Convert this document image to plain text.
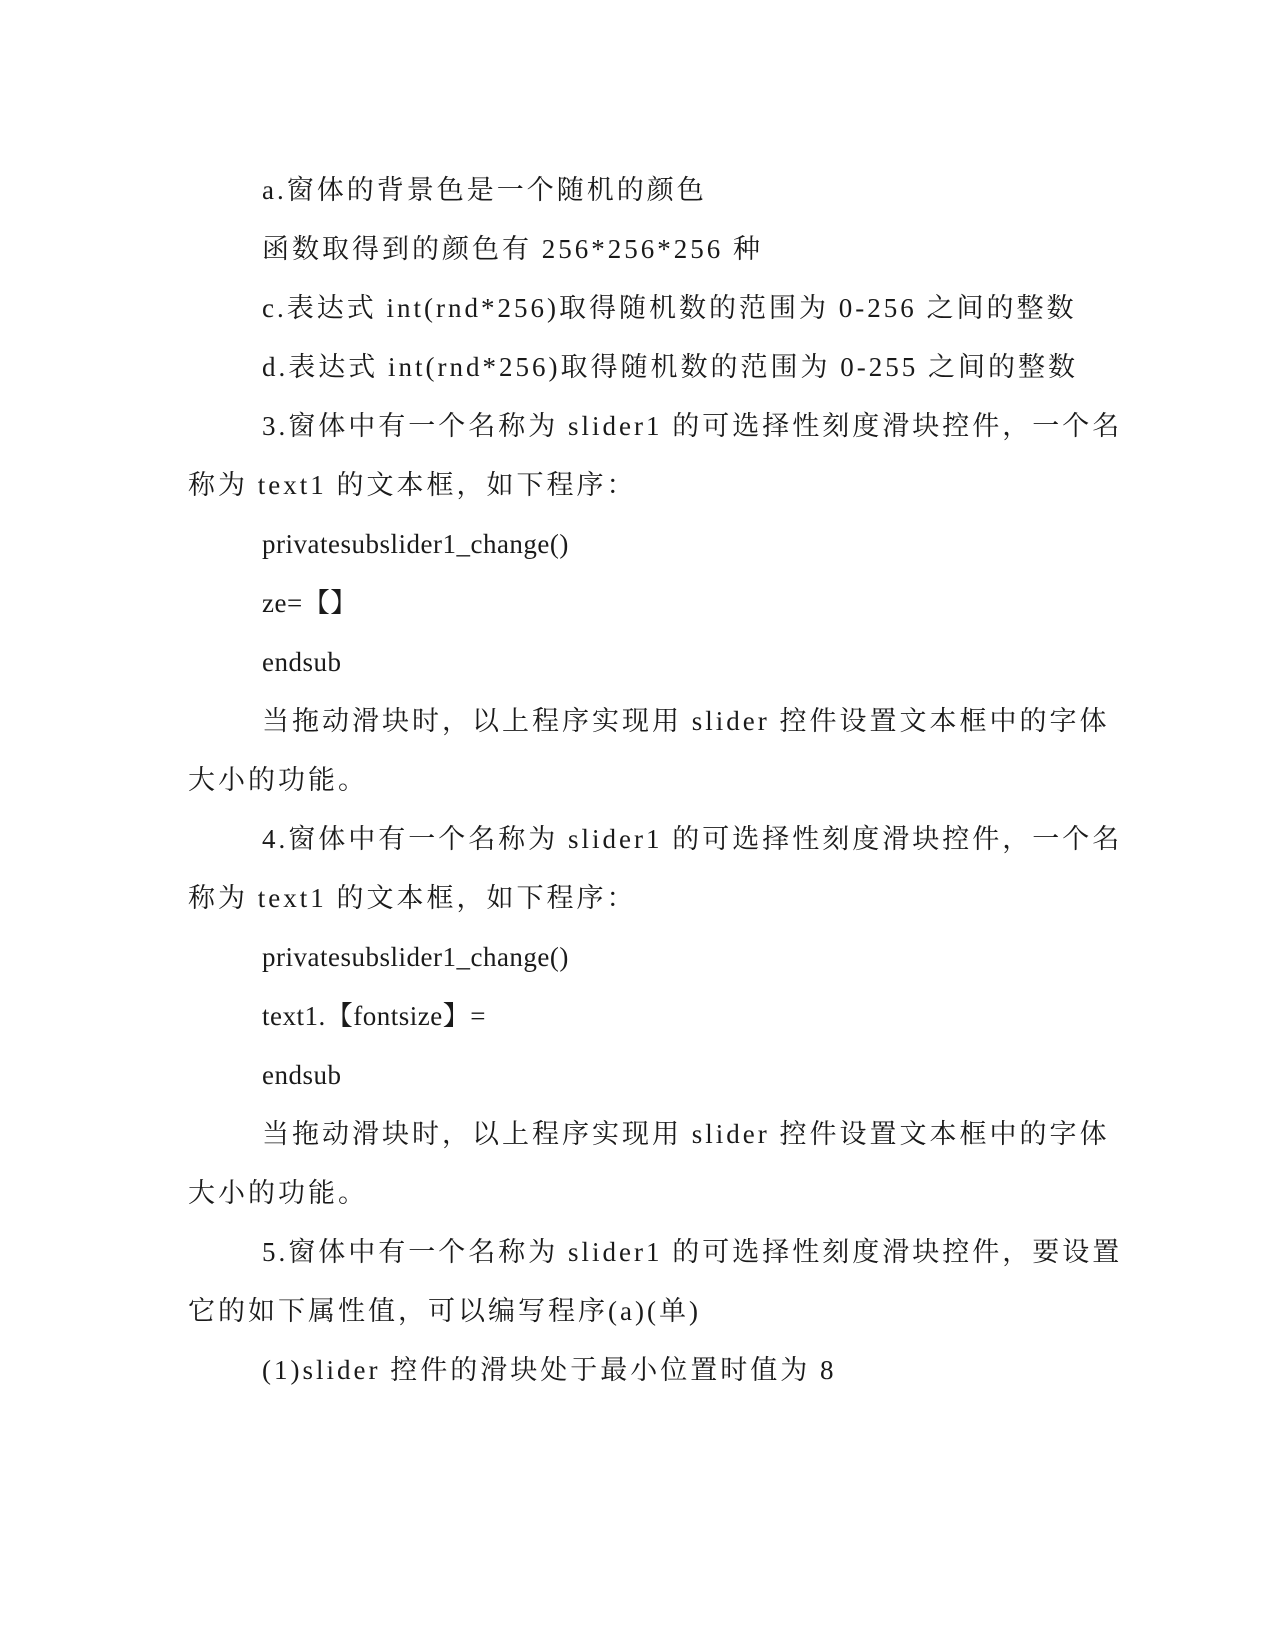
a.窗体的背景色是一个随机的颜色
函数取得到的颜色有 256*256*256 种
c.表达式 int(rnd*256)取得随机数的范围为 0-256 之间的整数
d.表达式 int(rnd*256)取得随机数的范围为 0-255 之间的整数
3.窗体中有一个名称为 slider1 的可选择性刻度滑块控件，一个名
称为 text1 的文本框，如下程序：
privatesubslider1_change()
ze=【】
endsub
当拖动滑块时，以上程序实现用 slider 控件设置文本框中的字体
大小的功能。
4.窗体中有一个名称为 slider1 的可选择性刻度滑块控件，一个名
称为 text1 的文本框，如下程序：
privatesubslider1_change()
text1.【fontsize】=
endsub
当拖动滑块时，以上程序实现用 slider 控件设置文本框中的字体
大小的功能。
5.窗体中有一个名称为 slider1 的可选择性刻度滑块控件，要设置
它的如下属性值，可以编写程序(a)(单)
(1)slider 控件的滑块处于最小位置时值为 8
